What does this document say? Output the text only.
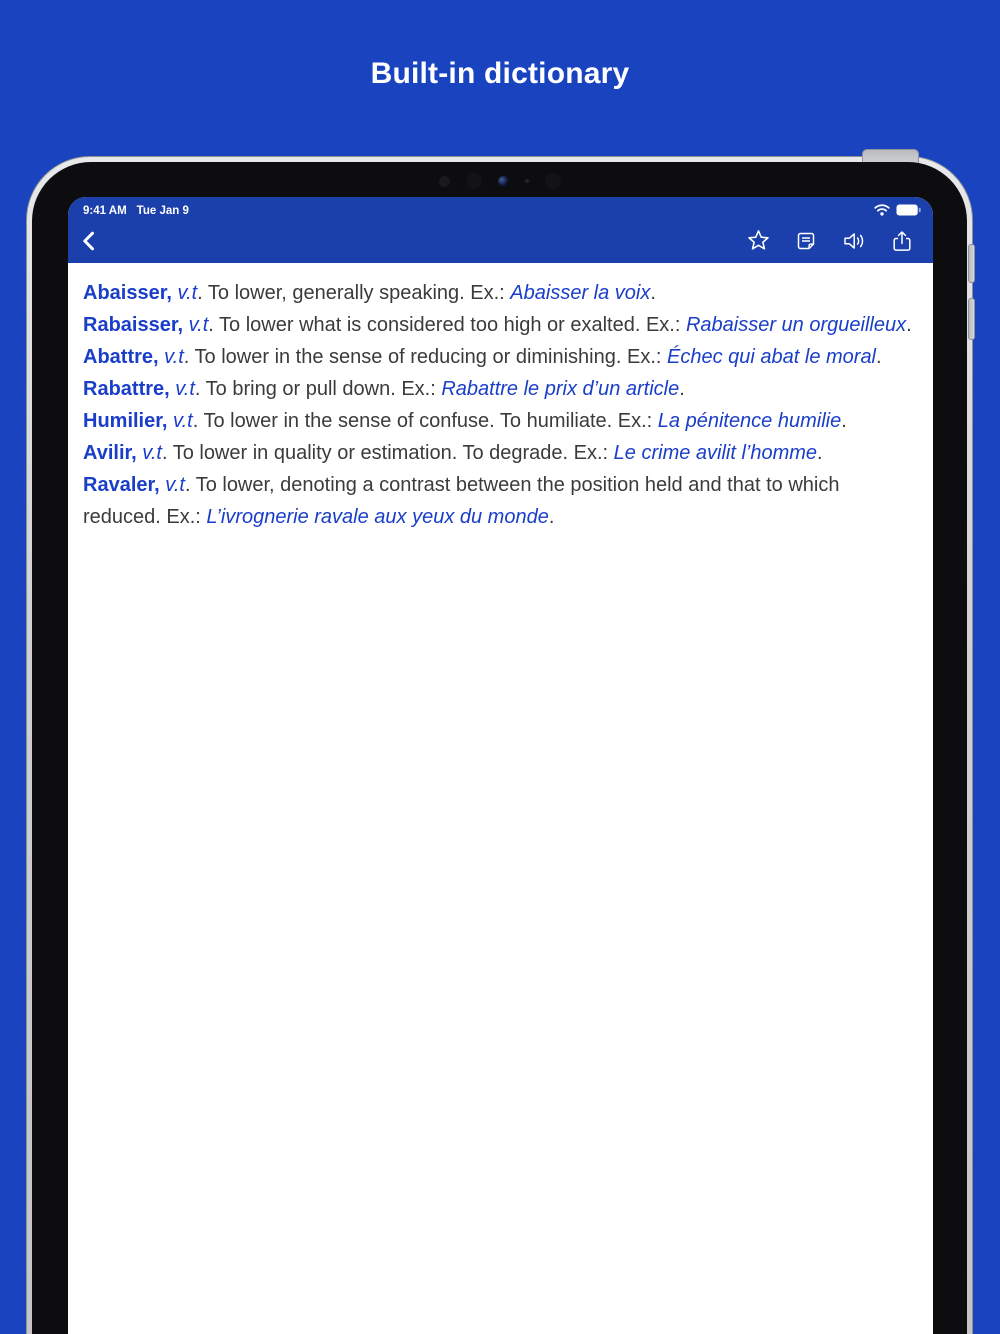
Built-in dictionary
9:41 AM Tue Jan 9

Abaisser, v.t. To lower, generally speaking. Ex.: Abaisser la voix.

Rabaisser, v.t. To lower what is considered too high or exalted. Ex.: Rabaisser un orgueilleux.

Abattre, v.t. To lower in the sense of reducing or diminishing. Ex.: Échec qui abat le moral.

Rabattre, v.t. To bring or pull down. Ex.: Rabattre le prix d’un article.

Humilier, v.t. To lower in the sense of confuse. To humiliate. Ex.: La pénitence humilie.

Avilir, v.t. To lower in quality or estimation. To degrade. Ex.: Le crime avilit l’homme.

Ravaler, v.t. To lower, denoting a contrast between the position held and that to which reduced. Ex.: L’ivrognerie ravale aux yeux du monde.
